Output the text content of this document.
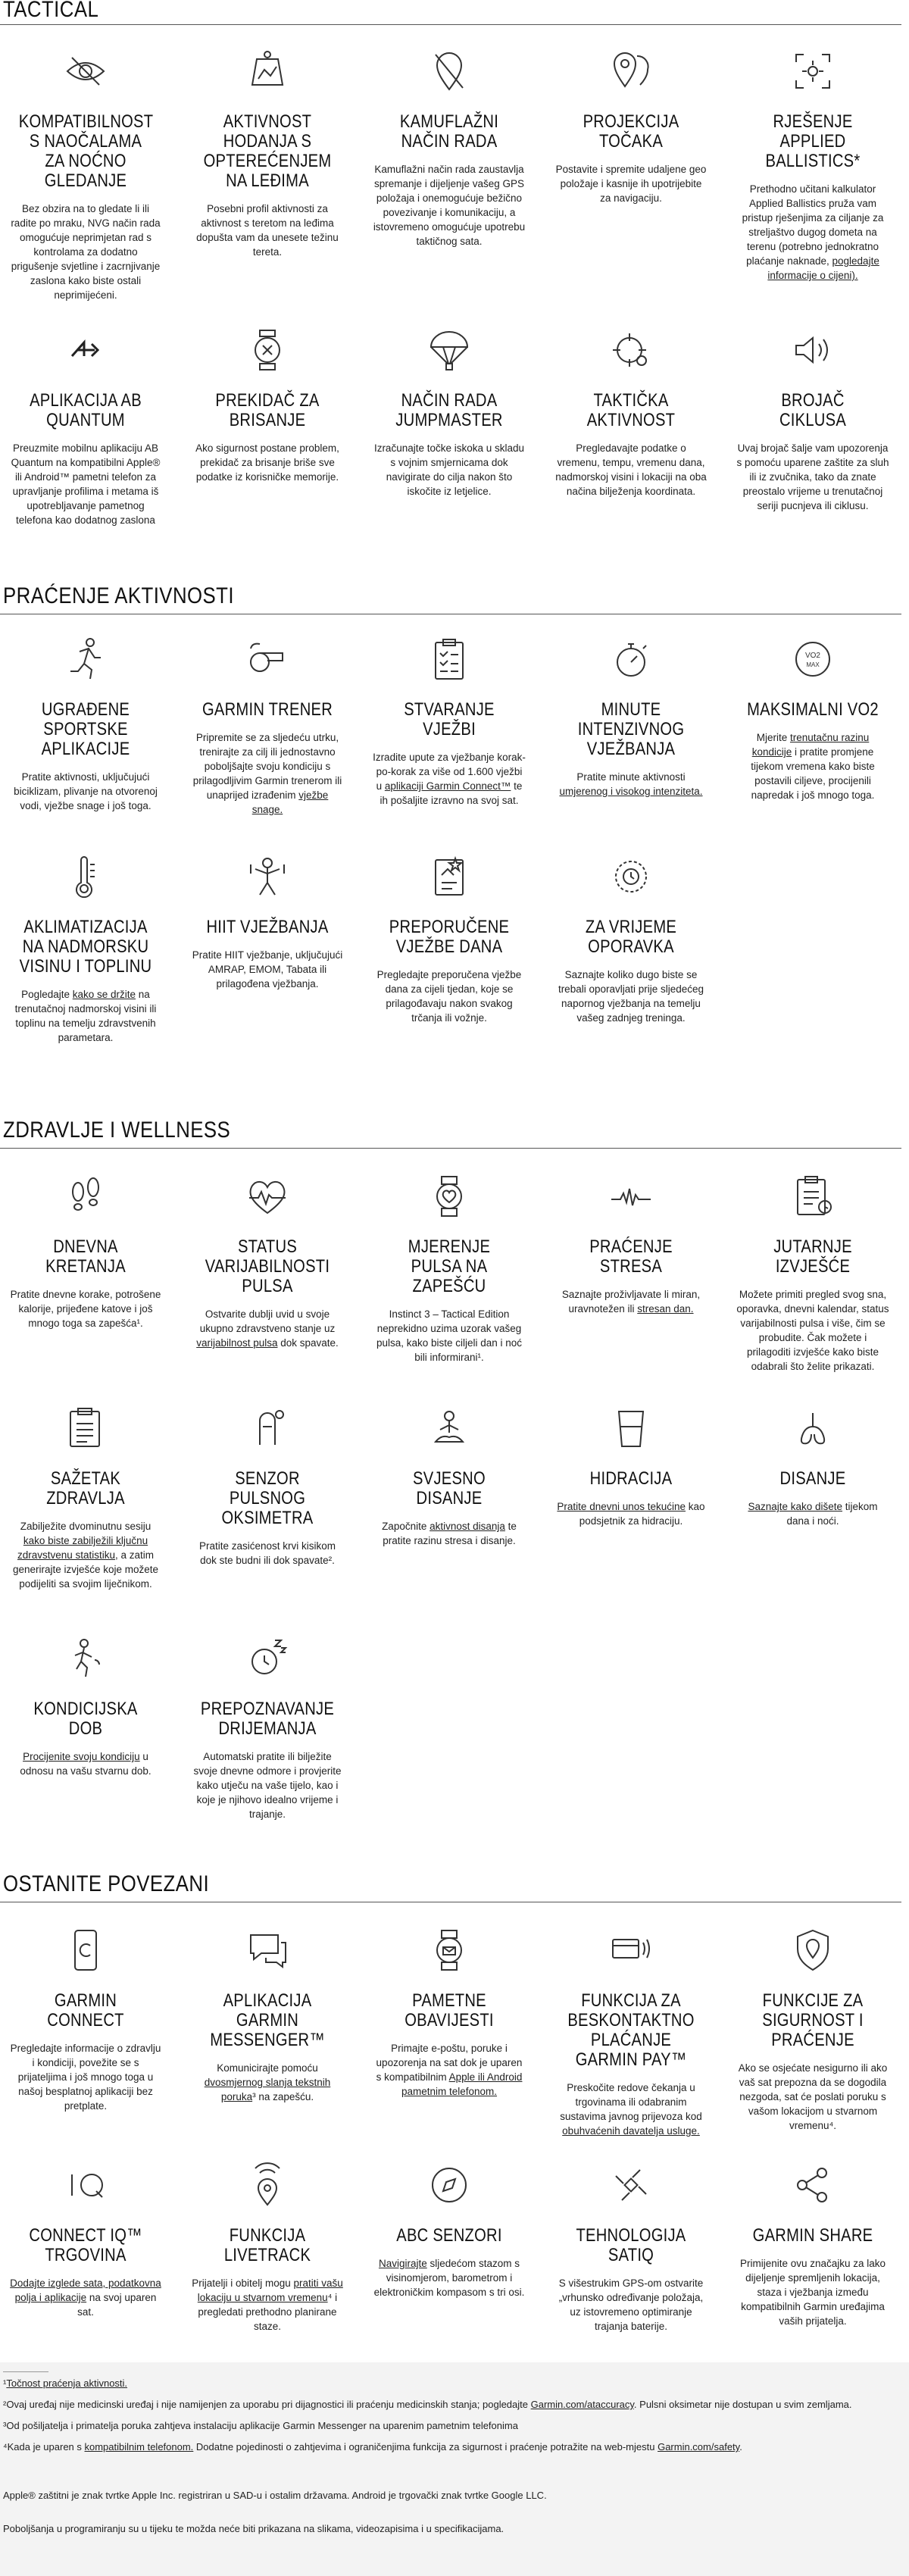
TACTICAL
KOMPATIBILNOST S NAOČALAMA ZA NOĆNO GLEDANJE
Bez obzira na to gledate li ili radite po mraku, NVG način rada omogućuje neprimjetan rad s kontrolama za dodatno prigušenje svjetline i zacrnjivanje zaslona kako biste ostali neprimijećeni.
AKTIVNOST HODANJA S OPTEREĆENJEM NA LEĐIMA
Posebni profil aktivnosti za aktivnost s teretom na leđima dopušta vam da unesete težinu tereta.
KAMUFLAŽNI NAČIN RADA
Kamuflažni način rada zaustavlja spremanje i dijeljenje vašeg GPS položaja i onemogućuje bežično povezivanje i komunikaciju, a istovremeno omogućuje upotrebu taktičnog sata.
PROJEKCIJA TOČAKA
Postavite i spremite udaljene geo položaje i kasnije ih upotrijebite za navigaciju.
RJEŠENJE APPLIED BALLISTICS*
Prethodno učitani kalkulator Applied Ballistics pruža vam pristup rješenjima za ciljanje za streljaštvo dugog dometa na terenu (potrebno jednokratno plaćanje naknade, pogledajte informacije o cijeni).
APLIKACIJA AB QUANTUM
Preuzmite mobilnu aplikaciju AB Quantum na kompatibilni Apple® ili Android™ pametni telefon za upravljanje profilima i metama iš upotrebljavanje pametnog telefona kao dodatnog zaslona
PREKIDAČ ZA BRISANJE
Ako sigurnost postane problem, prekidač za brisanje briše sve podatke iz korisničke memorije.
NAČIN RADA JUMPMASTER
Izračunajte točke iskoka u skladu s vojnim smjernicama dok navigirate do cilja nakon što iskočite iz letjelice.
TAKTIČKA AKTIVNOST
Pregledavajte podatke o vremenu, tempu, vremenu dana, nadmorskoj visini i lokaciji na oba načina bilježenja koordinata.
BROJAČ CIKLUSA
Uvaj brojač šalje vam upozorenja s pomoću uparene zaštite za sluh ili iz zvučnika, tako da znate preostalo vrijeme u trenutačnoj seriji pucnjeva ili ciklusu.
PRAĆENJE AKTIVNOSTI
UGRAĐENE SPORTSKE APLIKACIJE
Pratite aktivnosti, uključujući biciklizam, plivanje na otvorenoj vodi, vježbe snage i još toga.
GARMIN TRENER
Pripremite se za sljedeću utrku, trenirajte za cilj ili jednostavno poboljšajte svoju kondiciju s prilagodljivim Garmin trenerom ili unaprijed izrađenim vježbe snage.
STVARANJE VJEŽBI
Izradite upute za vježbanje korak-po-korak za više od 1.600 vježbi u aplikaciji Garmin Connect™ te ih pošaljite izravno na svoj sat.
MINUTE INTENZIVNOG VJEŽBANJA
Pratite minute aktivnosti umjerenog i visokog intenziteta.
VO2
MAX
MAKSIMALNI VO2
Mjerite trenutačnu razinu kondicije i pratite promjene tijekom vremena kako biste postavili ciljeve, procijenili napredak i još mnogo toga.
AKLIMATIZACIJA NA NADMORSKU VISINU I TOPLINU
Pogledajte kako se držite na trenutačnoj nadmorskoj visini ili toplinu na temelju zdravstvenih parametara.
HIIT VJEŽBANJA
Pratite HIIT vježbanje, uključujući AMRAP, EMOM, Tabata ili prilagođena vježbanja.
PREPORUČENE VJEŽBE DANA
Pregledajte preporučena vježbe dana za cijeli tjedan, koje se prilagođavaju nakon svakog trčanja ili vožnje.
ZA VRIJEME OPORAVKA
Saznajte koliko dugo biste se trebali oporavljati prije sljedećeg napornog vježbanja na temelju vašeg zadnjeg treninga.
ZDRAVLJE I WELLNESS
DNEVNA KRETANJA
Pratite dnevne korake, potrošene kalorije, prijeđene katove i još mnogo toga sa zapešća¹.
STATUS VARIJABILNOSTI PULSA
Ostvarite dublji uvid u svoje ukupno zdravstveno stanje uz varijabilnost pulsa dok spavate.
MJERENJE PULSA NA ZAPEŠĆU
Instinct 3 – Tactical Edition neprekidno uzima uzorak vašeg pulsa, kako biste ciljeli dan i noć bili informirani¹.
PRAĆENJE STRESA
Saznajte proživljavate li miran, uravnotežen ili stresan dan.
JUTARNJE IZVJEŠĆE
Možete primiti pregled svog sna, oporavka, dnevni kalendar, status varijabilnosti pulsa i više, čim se probudite. Čak možete i prilagoditi izvješće kako biste odabrali što želite prikazati.
SAŽETAK ZDRAVLJA
Zabilježite dvominutnu sesiju kako biste zabilježili ključnu zdravstvenu statistiku, a zatim generirajte izvješće koje možete podijeliti sa svojim liječnikom.
SENZOR PULSNOG OKSIMETRA
Pratite zasićenost krvi kisikom dok ste budni ili dok spavate².
SVJESNO DISANJE
Započnite aktivnost disanja te pratite razinu stresa i disanje.
HIDRACIJA
Pratite dnevni unos tekućine kao podsjetnik za hidraciju.
DISANJE
Saznajte kako dišete tijekom dana i noći.
KONDICIJSKA DOB
Procijenite svoju kondiciju u odnosu na vašu stvarnu dob.
PREPOZNAVANJE DRIJEMANJA
Automatski pratite ili bilježite svoje dnevne odmore i provjerite kako utječu na vaše tijelo, kao i koje je njihovo idealno vrijeme i trajanje.
OSTANITE POVEZANI
GARMIN CONNECT
Pregledajte informacije o zdravlju i kondiciji, povežite se s prijateljima i još mnogo toga u našoj besplatnoj aplikaciji bez pretplate.
APLIKACIJA GARMIN MESSENGER™
Komunicirajte pomoću dvosmjernog slanja tekstnih poruka³ na zapešću.
PAMETNE OBAVIJESTI
Primajte e-poštu, poruke i upozorenja na sat dok je uparen s kompatibilnim Apple ili Android pametnim telefonom.
FUNKCIJA ZA BESKONTAKTNO PLAĆANJE GARMIN PAY™
Preskočite redove čekanja u trgovinama ili odabranim sustavima javnog prijevoza kod obuhvaćenih davatelja usluge.
FUNKCIJE ZA SIGURNOST I PRAĆENJE
Ako se osjećate nesigurno ili ako vaš sat prepozna da se dogodila nezgoda, sat će poslati poruku s vašom lokacijom u stvarnom vremenu⁴.
CONNECT IQ™ TRGOVINA
Dodajte izglede sata, podatkovna polja i aplikacije na svoj uparen sat.
FUNKCIJA LIVETRACK
Prijatelji i obitelj mogu pratiti vašu lokaciju u stvarnom vremenu⁴ i pregledati prethodno planirane staze.
ABC SENZORI
Navigirajte sljedećom stazom s visinomjerom, barometrom i elektroničkim kompasom s tri osi.
TEHNOLOGIJA SATIQ
S višestrukim GPS-om ostvarite „vrhunsko određivanje položaja, uz istovremeno optimiranje trajanja baterije.
GARMIN SHARE
Primijenite ovu značajku za lako dijeljenje spremljenih lokacija, staza i vježbanja između kompatibilnih Garmin uređajima vaših prijatelja.
¹Točnost praćenja aktivnosti.
²Ovaj uređaj nije medicinski uređaj i nije namijenjen za uporabu pri dijagnostici ili praćenju medicinskih stanja; pogledajte Garmin.com/ataccuracy. Pulsni oksimetar nije dostupan u svim zemljama.
³Od pošiljatelja i primatelja poruka zahtjeva instalaciju aplikacije Garmin Messenger na uparenim pametnim telefonima
⁴Kada je uparen s kompatibilnim telefonom. Dodatne pojedinosti o zahtjevima i ograničenjima funkcija za sigurnost i praćenje potražite na web-mjestu Garmin.com/safety.
Apple® zaštitni je znak tvrtke Apple Inc. registriran u SAD-u i ostalim državama. Android je trgovački znak tvrtke Google LLC.
Poboljšanja u programiranju su u tijeku te možda neće biti prikazana na slikama, videozapisima i u specifikacijama.
